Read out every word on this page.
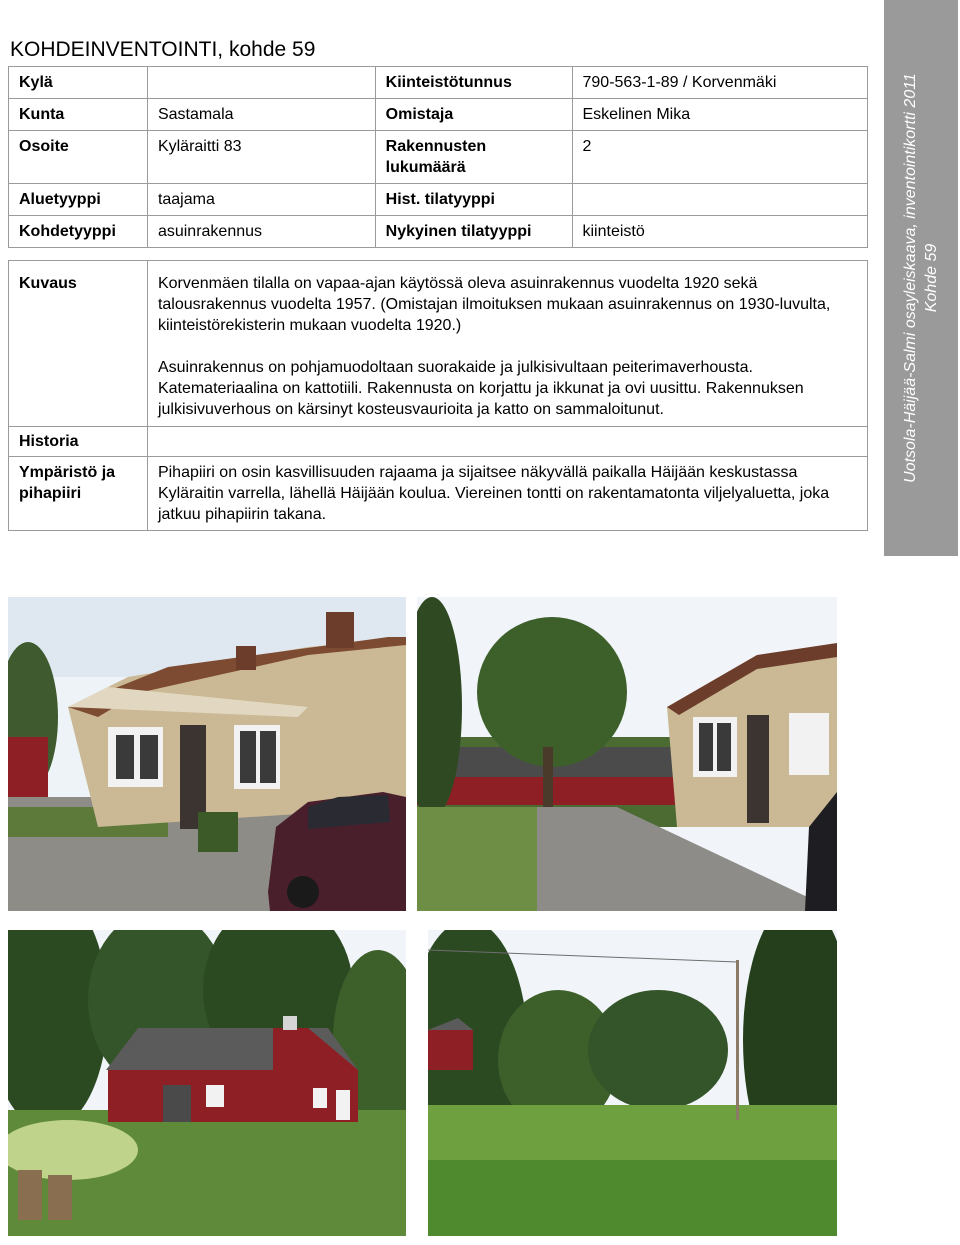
KOHDEINVENTOINTI, kohde 59
Kylä		Kiinteistötunnus	790-563-1-89 / Korvenmäki
Kunta	Sastamala	Omistaja	Eskelinen Mika
Osoite	Kyläraitti 83	Rakennusten lukumäärä	2
Aluetyyppi	taajama	Hist. tilatyyppi	
Kohdetyyppi	asuinrakennus	Nykyinen tilatyyppi	kiinteistö

Kuvaus	Korvenmäen tilalla on vapaa-ajan käytössä oleva asuinrakennus vuodelta 1920 sekä talousrakennus vuodelta 1957. (Omistajan ilmoituksen mukaan asuinrakennus on 1930-luvulta, kiinteistörekisterin mukaan vuodelta 1920.)

Asuinrakennus on pohjamuodoltaan suorakaide ja julkisivultaan peiterimaverhousta. Katemateriaalina on kattotiili. Rakennusta on korjattu ja ikkunat ja ovi uusittu. Rakennuksen julkisivuverhous on kärsinyt kosteusvaurioita ja katto on sammaloitunut.		

Historia			
Ympäristö ja pihapiiri	Pihapiiri on osin kasvillisuuden rajaama ja sijaitsee näkyvällä paikalla Häijään keskustassa Kyläraitin varrella, lähellä Häijään koulua. Viereinen tontti on rakentamatonta viljelyaluetta, joka jatkuu pihapiirin takana.		
Uotsola-Häijää-Salmi osayleiskaava, inventointikortti 2011 Kohde 59
